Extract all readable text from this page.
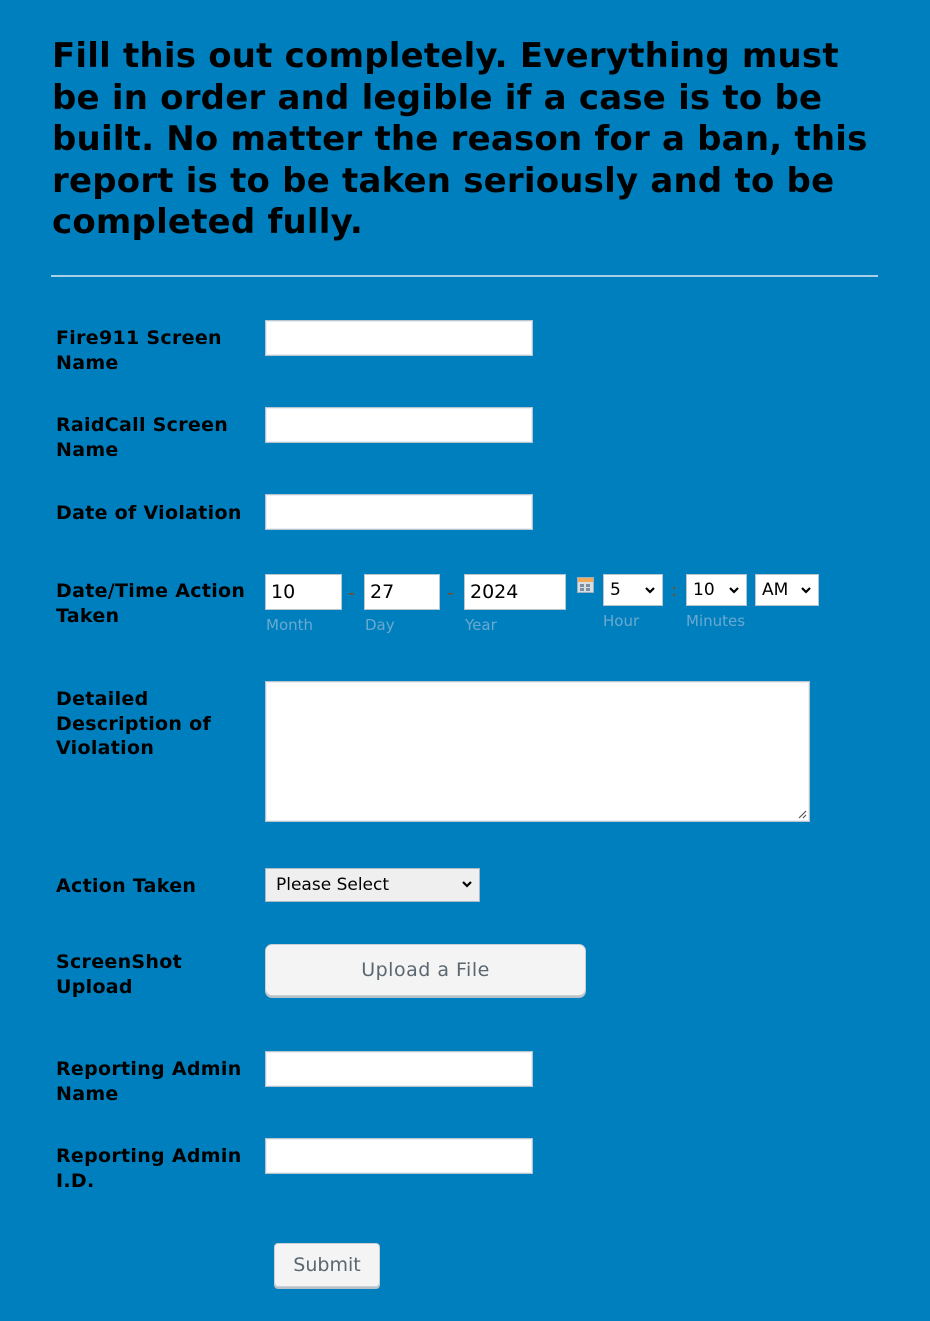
Fill this out completely. Everything must be in order and legible if a case is to be built. No matter the reason for a ban, this report is to be taken seriously and to be completed fully.
Fire911 Screen Name
RaidCall Screen Name
Date of Violation
Date/Time Action Taken
10
Month
- 27
Day
- 2024
Year
5
Hour
: 10
Minutes
AM
Detailed Description of Violation
Action Taken	Please Select
ScreenShot Upload
Upload a File
Reporting Admin Name
Reporting Admin I.D.
Submit
